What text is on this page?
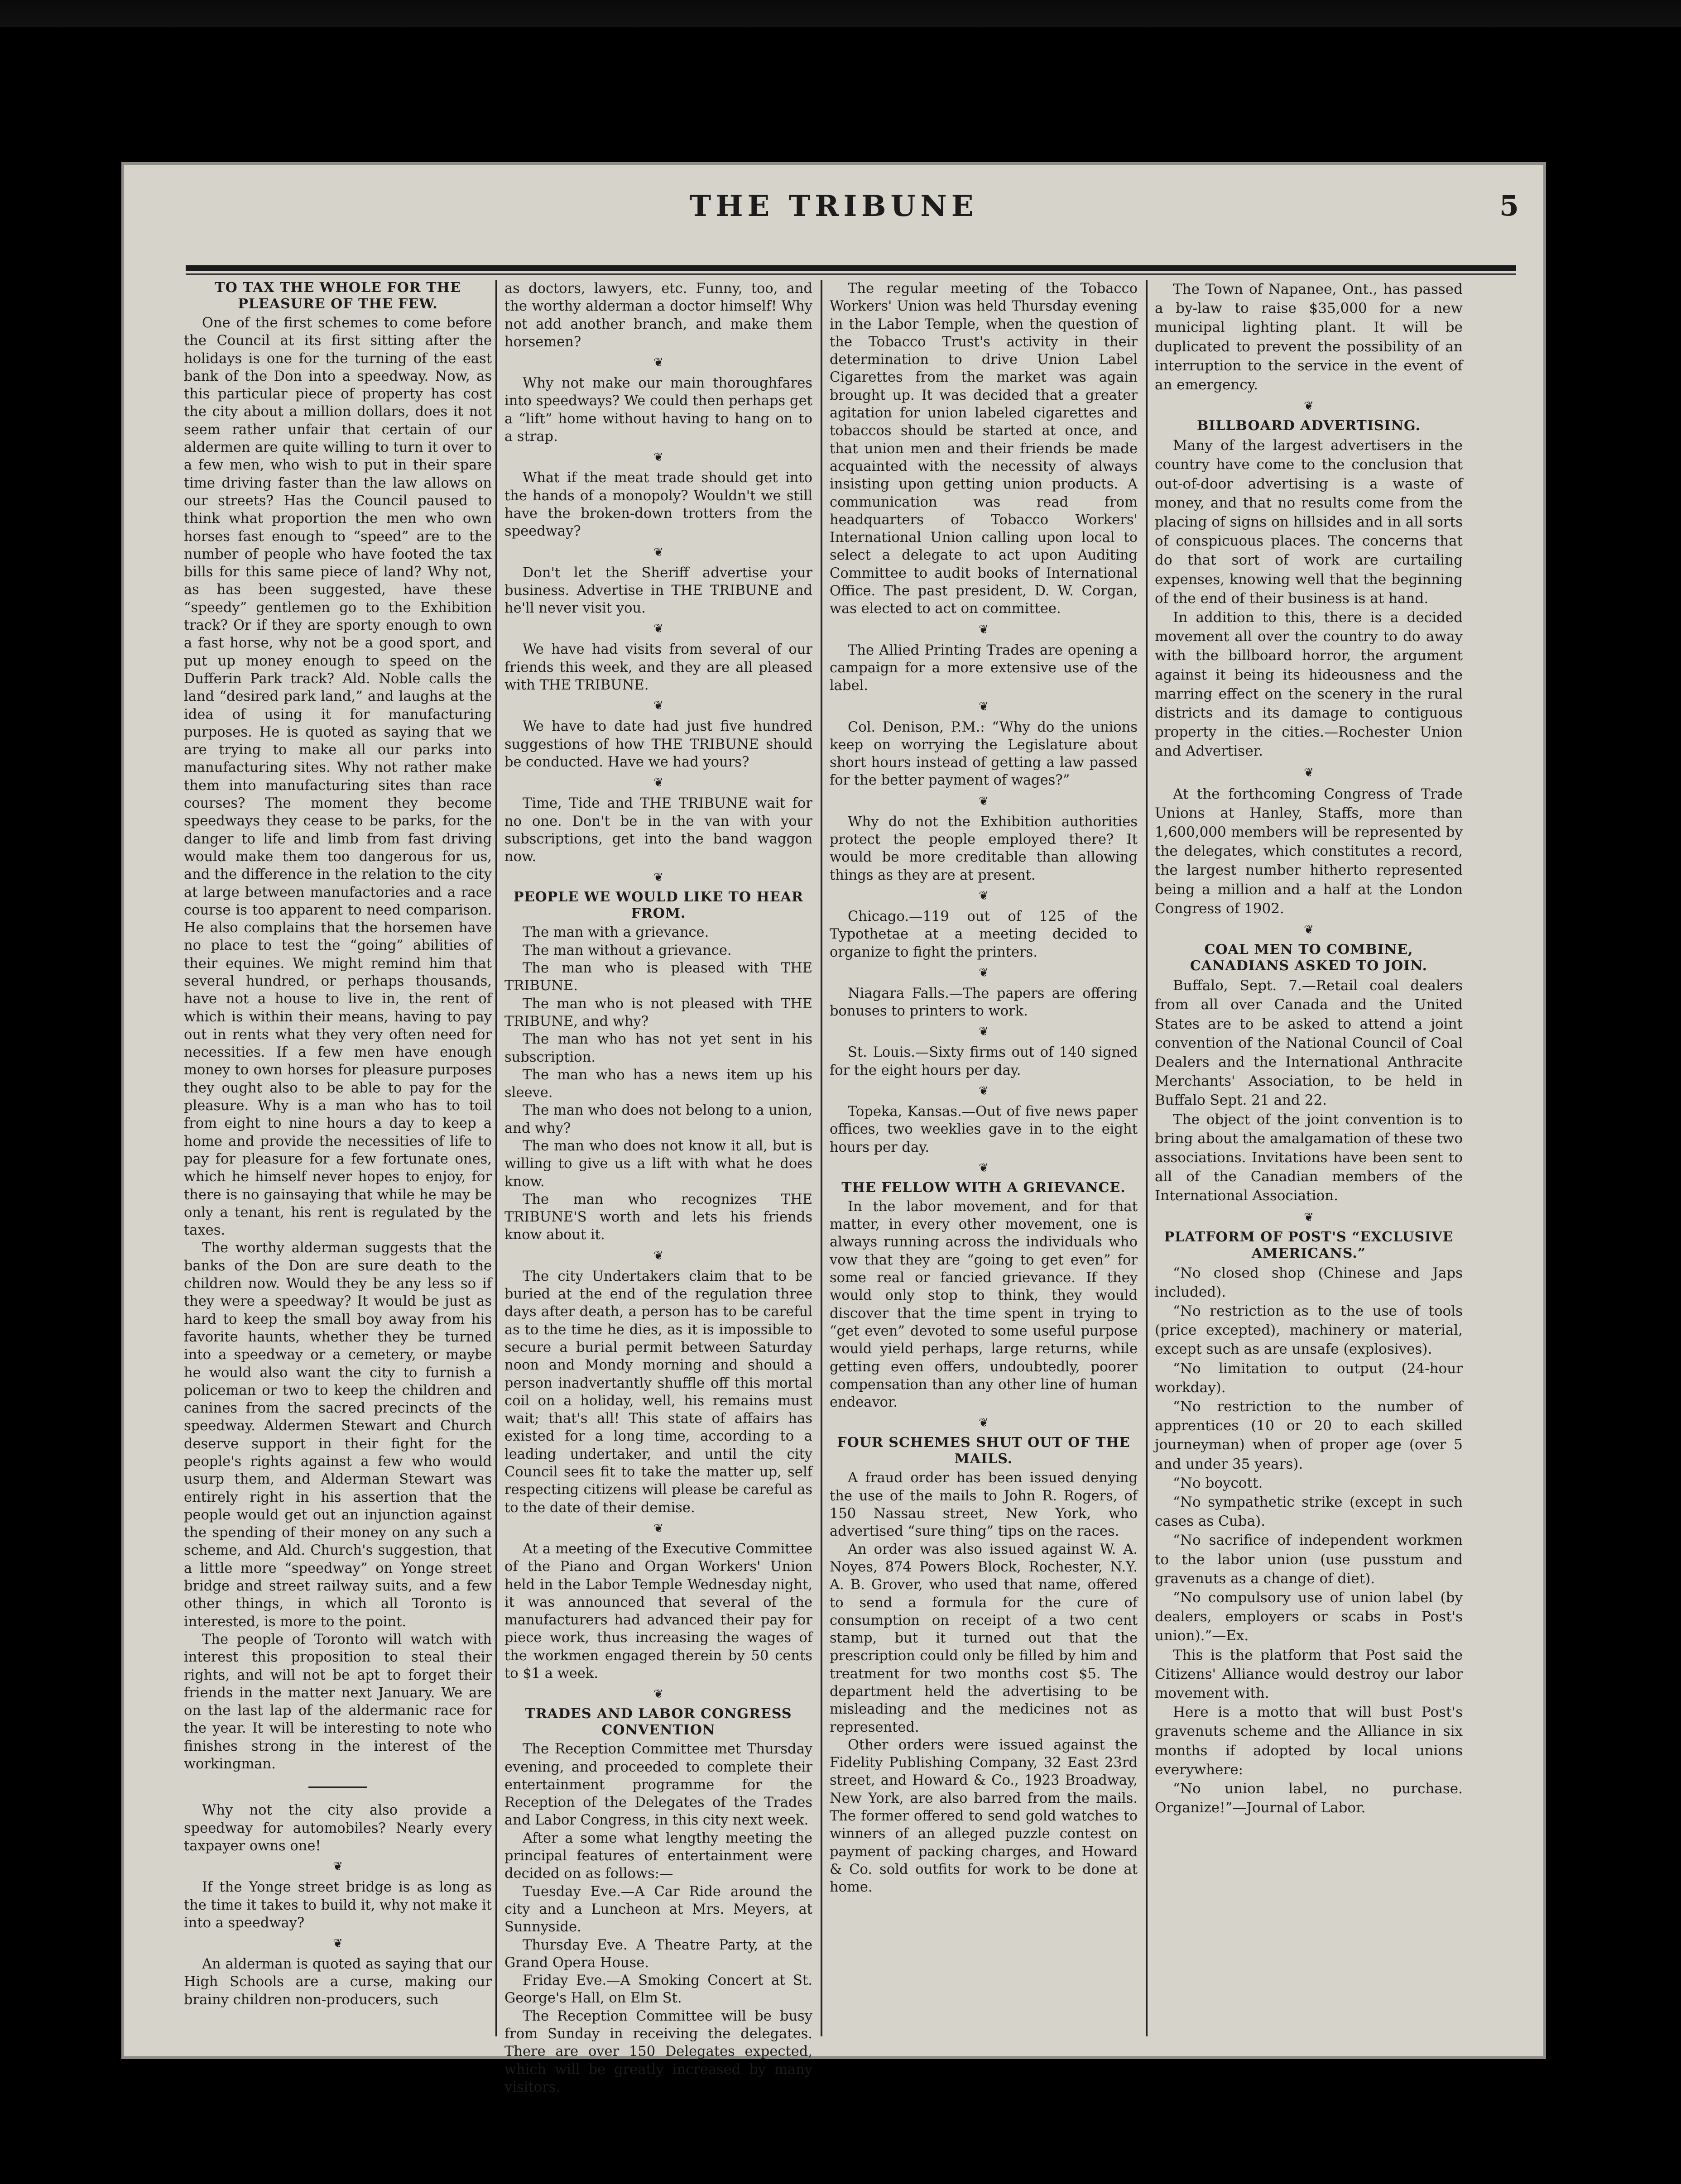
THE TRIBUNE	5
TO TAX THE WHOLE FOR THE PLEASURE OF THE FEW.

One of the first schemes to come before the Council at its first sitting after the holidays is one for the turning of the east bank of the Don into a speedway. Now, as this particular piece of property has cost the city about a million dollars, does it not seem rather unfair that certain of our aldermen are quite willing to turn it over to a few men, who wish to put in their spare time driving faster than the law allows on our streets? Has the Council paused to think what proportion the men who own horses fast enough to “speed” are to the number of people who have footed the tax bills for this same piece of land? Why not, as has been suggested, have these “speedy” gentlemen go to the Exhibition track? Or if they are sporty enough to own a fast horse, why not be a good sport, and put up money enough to speed on the Dufferin Park track? Ald. Noble calls the land “desired park land,” and laughs at the idea of using it for manufacturing purposes. He is quoted as saying that we are trying to make all our parks into manufacturing sites. Why not rather make them into manufacturing sites than race courses? The moment they become speedways they cease to be parks, for the danger to life and limb from fast driving would make them too dangerous for us, and the difference in the relation to the city at large between manufactories and a race course is too apparent to need comparison. He also complains that the horsemen have no place to test the “going” abilities of their equines. We might remind him that several hundred, or perhaps thousands, have not a house to live in, the rent of which is within their means, having to pay out in rents what they very often need for necessities. If a few men have enough money to own horses for pleasure purposes they ought also to be able to pay for the pleasure. Why is a man who has to toil from eight to nine hours a day to keep a home and provide the necessities of life to pay for pleasure for a few fortunate ones, which he himself never hopes to enjoy, for there is no gainsaying that while he may be only a tenant, his rent is regulated by the taxes.

The worthy alderman suggests that the banks of the Don are sure death to the children now. Would they be any less so if they were a speedway? It would be just as hard to keep the small boy away from his favorite haunts, whether they be turned into a speedway or a cemetery, or maybe he would also want the city to furnish a policeman or two to keep the children and canines from the sacred precincts of the speedway. Aldermen Stewart and Church deserve support in their fight for the people's rights against a few who would usurp them, and Alderman Stewart was entirely right in his assertion that the people would get out an injunction against the spending of their money on any such a scheme, and Ald. Church's suggestion, that a little more “speedway” on Yonge street bridge and street railway suits, and a few other things, in which all Toronto is interested, is more to the point.

The people of Toronto will watch with interest this proposition to steal their rights, and will not be apt to forget their friends in the matter next January. We are on the last lap of the aldermanic race for the year. It will be interesting to note who finishes strong in the interest of the workingman.

Why not the city also provide a speedway for automobiles? Nearly every taxpayer owns one!

❦

If the Yonge street bridge is as long as the time it takes to build it, why not make it into a speedway?

❦

An alderman is quoted as saying that our High Schools are a curse, making our brainy children non-producers, such

as doctors, lawyers, etc. Funny, too, and the worthy alderman a doctor himself! Why not add another branch, and make them horsemen?

❦

Why not make our main thoroughfares into speedways? We could then perhaps get a “lift” home without having to hang on to a strap.

❦

What if the meat trade should get into the hands of a monopoly? Wouldn't we still have the broken-down trotters from the speedway?

❦

Don't let the Sheriff advertise your business. Advertise in THE TRIBUNE and he'll never visit you.

❦

We have had visits from several of our friends this week, and they are all pleased with THE TRIBUNE.

❦

We have to date had just five hundred suggestions of how THE TRIBUNE should be conducted. Have we had yours?

❦

Time, Tide and THE TRIBUNE wait for no one. Don't be in the van with your subscriptions, get into the band waggon now.

❦
PEOPLE WE WOULD LIKE TO HEAR FROM.

The man with a grievance.

The man without a grievance.

The man who is pleased with THE TRIBUNE.

The man who is not pleased with THE TRIBUNE, and why?

The man who has not yet sent in his subscription.

The man who has a news item up his sleeve.

The man who does not belong to a union, and why?

The man who does not know it all, but is willing to give us a lift with what he does know.

The man who recognizes THE TRIBUNE'S worth and lets his friends know about it.

❦

The city Undertakers claim that to be buried at the end of the regulation three days after death, a person has to be careful as to the time he dies, as it is impossible to secure a burial permit between Saturday noon and Mondy morning and should a person inadvertantly shuffle off this mortal coil on a holiday, well, his remains must wait; that's all! This state of affairs has existed for a long time, according to a leading undertaker, and until the city Council sees fit to take the matter up, self respecting citizens will please be careful as to the date of their demise.

❦

At a meeting of the Executive Committee of the Piano and Organ Workers' Union held in the Labor Temple Wednesday night, it was announced that several of the manufacturers had advanced their pay for piece work, thus increasing the wages of the workmen engaged therein by 50 cents to $1 a week.

❦
TRADES AND LABOR CONGRESS CONVENTION

The Reception Committee met Thursday evening, and proceeded to complete their entertainment programme for the Reception of the Delegates of the Trades and Labor Congress, in this city next week.

After a some what lengthy meeting the principal features of entertainment were decided on as follows:—

Tuesday Eve.—A Car Ride around the city and a Luncheon at Mrs. Meyers, at Sunnyside.

Thursday Eve. A Theatre Party, at the Grand Opera House.

Friday Eve.—A Smoking Concert at St. George's Hall, on Elm St.

The Reception Committee will be busy from Sunday in receiving the delegates. There are over 150 Delegates expected, which will be greatly increased by many visitors.

The regular meeting of the Tobacco Workers' Union was held Thursday evening in the Labor Temple, when the question of the Tobacco Trust's activity in their determination to drive Union Label Cigarettes from the market was again brought up. It was decided that a greater agitation for union labeled cigarettes and tobaccos should be started at once, and that union men and their friends be made acquainted with the necessity of always insisting upon getting union products. A communication was read from headquarters of Tobacco Workers' International Union calling upon local to select a delegate to act upon Auditing Committee to audit books of International Office. The past president, D. W. Corgan, was elected to act on committee.

❦

The Allied Printing Trades are opening a campaign for a more extensive use of the label.

❦

Col. Denison, P.M.: “Why do the unions keep on worrying the Legislature about short hours instead of getting a law passed for the better payment of wages?”

❦

Why do not the Exhibition authorities protect the people employed there? It would be more creditable than allowing things as they are at present.

❦

Chicago.—119 out of 125 of the Typothetae at a meeting decided to organize to fight the printers.

❦

Niagara Falls.—The papers are offering bonuses to printers to work.

❦

St. Louis.—Sixty firms out of 140 signed for the eight hours per day.

❦

Topeka, Kansas.—Out of five news paper offices, two weeklies gave in to the eight hours per day.

❦
THE FELLOW WITH A GRIEVANCE.

In the labor movement, and for that matter, in every other movement, one is always running across the individuals who vow that they are “going to get even” for some real or fancied grievance. If they would only stop to think, they would discover that the time spent in trying to “get even” devoted to some useful purpose would yield perhaps, large returns, while getting even offers, undoubtedly, poorer compensation than any other line of human endeavor.

❦
FOUR SCHEMES SHUT OUT OF THE MAILS.

A fraud order has been issued denying the use of the mails to John R. Rogers, of 150 Nassau street, New York, who advertised “sure thing” tips on the races.

An order was also issued against W. A. Noyes, 874 Powers Block, Rochester, N.Y. A. B. Grover, who used that name, offered to send a formula for the cure of consumption on receipt of a two cent stamp, but it turned out that the prescription could only be filled by him and treatment for two months cost $5. The department held the advertising to be misleading and the medicines not as represented.

Other orders were issued against the Fidelity Publishing Company, 32 East 23rd street, and Howard & Co., 1923 Broadway, New York, are also barred from the mails. The former offered to send gold watches to winners of an alleged puzzle contest on payment of packing charges, and Howard & Co. sold outfits for work to be done at home.

The Town of Napanee, Ont., has passed a by-law to raise $35,000 for a new municipal lighting plant. It will be duplicated to prevent the possibility of an interruption to the service in the event of an emergency.

❦
BILLBOARD ADVERTISING.

Many of the largest advertisers in the country have come to the conclusion that out-of-door advertising is a waste of money, and that no results come from the placing of signs on hillsides and in all sorts of conspicuous places. The concerns that do that sort of work are curtailing expenses, knowing well that the beginning of the end of their business is at hand.

In addition to this, there is a decided movement all over the country to do away with the billboard horror, the argument against it being its hideousness and the marring effect on the scenery in the rural districts and its damage to contiguous property in the cities.—Rochester Union and Advertiser.

❦

At the forthcoming Congress of Trade Unions at Hanley, Staffs, more than 1,600,000 members will be represented by the delegates, which constitutes a record, the largest number hitherto represented being a million and a half at the London Congress of 1902.

❦
COAL MEN TO COMBINE, CANADIANS ASKED TO JOIN.

Buffalo, Sept. 7.—Retail coal dealers from all over Canada and the United States are to be asked to attend a joint convention of the National Council of Coal Dealers and the International Anthracite Merchants' Association, to be held in Buffalo Sept. 21 and 22.

The object of the joint convention is to bring about the amalgamation of these two associations. Invitations have been sent to all of the Canadian members of the International Association.

❦
PLATFORM OF POST'S “EXCLUSIVE AMERICANS.”

“No closed shop (Chinese and Japs included).

“No restriction as to the use of tools (price excepted), machinery or material, except such as are unsafe (explosives).

“No limitation to output (24-hour workday).

“No restriction to the number of apprentices (10 or 20 to each skilled journeyman) when of proper age (over 5 and under 35 years).

“No boycott.

“No sympathetic strike (except in such cases as Cuba).

“No sacrifice of independent workmen to the labor union (use pusstum and gravenuts as a change of diet).

“No compulsory use of union label (by dealers, employers or scabs in Post's union).”—Ex.

This is the platform that Post said the Citizens' Alliance would destroy our labor movement with.

Here is a motto that will bust Post's gravenuts scheme and the Alliance in six months if adopted by local unions everywhere:

“No union label, no purchase. Organize!”—Journal of Labor.
